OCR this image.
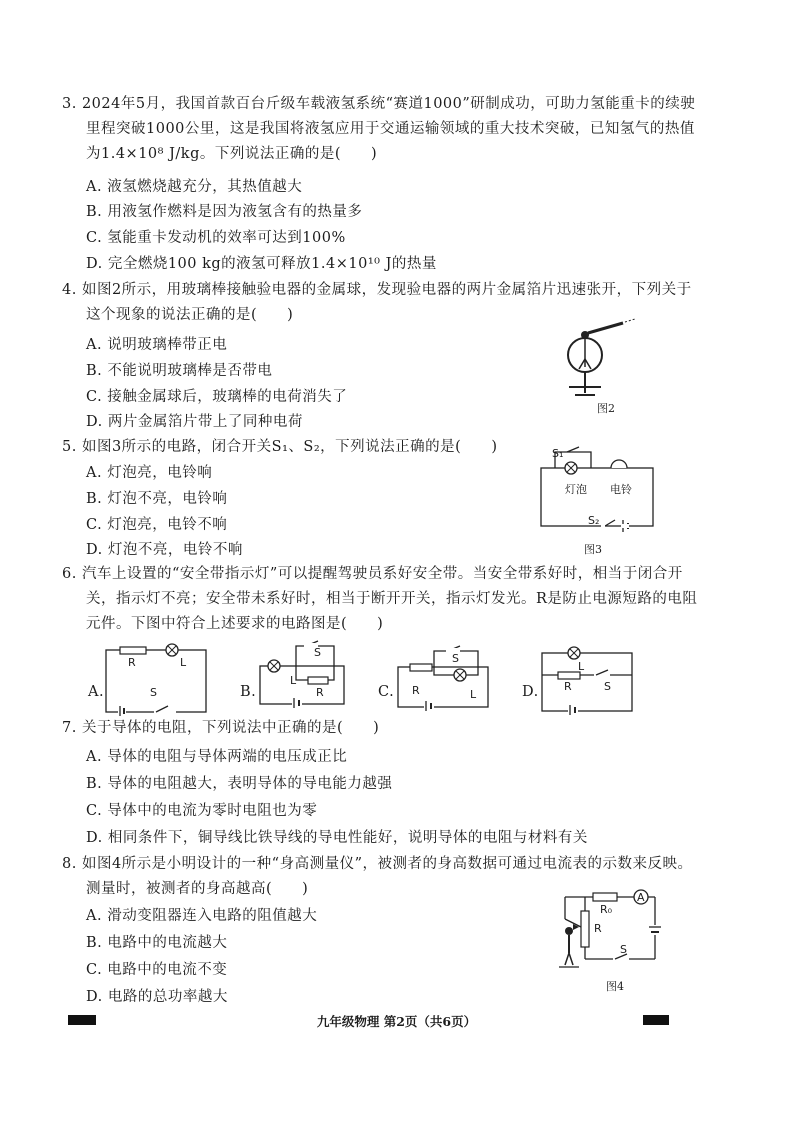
3. 2024年5月，我国首款百台斤级车载液氢系统“赛道1000”研制成功，可助力氢能重卡的续驶
里程突破1000公里，这是我国将液氢应用于交通运输领域的重大技术突破，已知氢气的热值
为1.4×10⁸ J/kg。下列说法正确的是(　　)
A. 液氢燃烧越充分，其热值越大
B. 用液氢作燃料是因为液氢含有的热量多
C. 氢能重卡发动机的效率可达到100%
D. 完全燃烧100 kg的液氢可释放1.4×10¹⁰ J的热量
4. 如图2所示，用玻璃棒接触验电器的金属球，发现验电器的两片金属箔片迅速张开，下列关于
这个现象的说法正确的是(　　)
A. 说明玻璃棒带正电
B. 不能说明玻璃棒是否带电
C. 接触金属球后，玻璃棒的电荷消失了
D. 两片金属箔片带上了同种电荷
图2
5. 如图3所示的电路，闭合开关S₁、S₂，下列说法正确的是(　　)
A. 灯泡亮，电铃响
B. 灯泡不亮，电铃响
C. 灯泡亮，电铃不响
D. 灯泡不亮，电铃不响
S₁
灯泡 电铃
S₂
图3
6. 汽车上设置的“安全带指示灯”可以提醒驾驶员系好安全带。当安全带系好时，相当于闭合开
关，指示灯不亮；安全带未系好时，相当于断开开关，指示灯发光。R是防止电源短路的电阻
元件。下图中符合上述要求的电路图是(　　)
A.
R	L
S	B.
S
L
R	C.
S
R	L	D.
L
R	S
7. 关于导体的电阻，下列说法中正确的是(　　)
A. 导体的电阻与导体两端的电压成正比
B. 导体的电阻越大，表明导体的导电能力越强
C. 导体中的电流为零时电阻也为零
D. 相同条件下，铜导线比铁导线的导电性能好，说明导体的电阻与材料有关
8. 如图4所示是小明设计的一种“身高测量仪”，被测者的身高数据可通过电流表的示数来反映。
测量时，被测者的身高越高(　　)
A. 滑动变阻器连入电路的阻值越大
B. 电路中的电流越大
C. 电路中的电流不变
D. 电路的总功率越大
A
R₀
R
S
图4
九年级物理 第2页（共6页）
